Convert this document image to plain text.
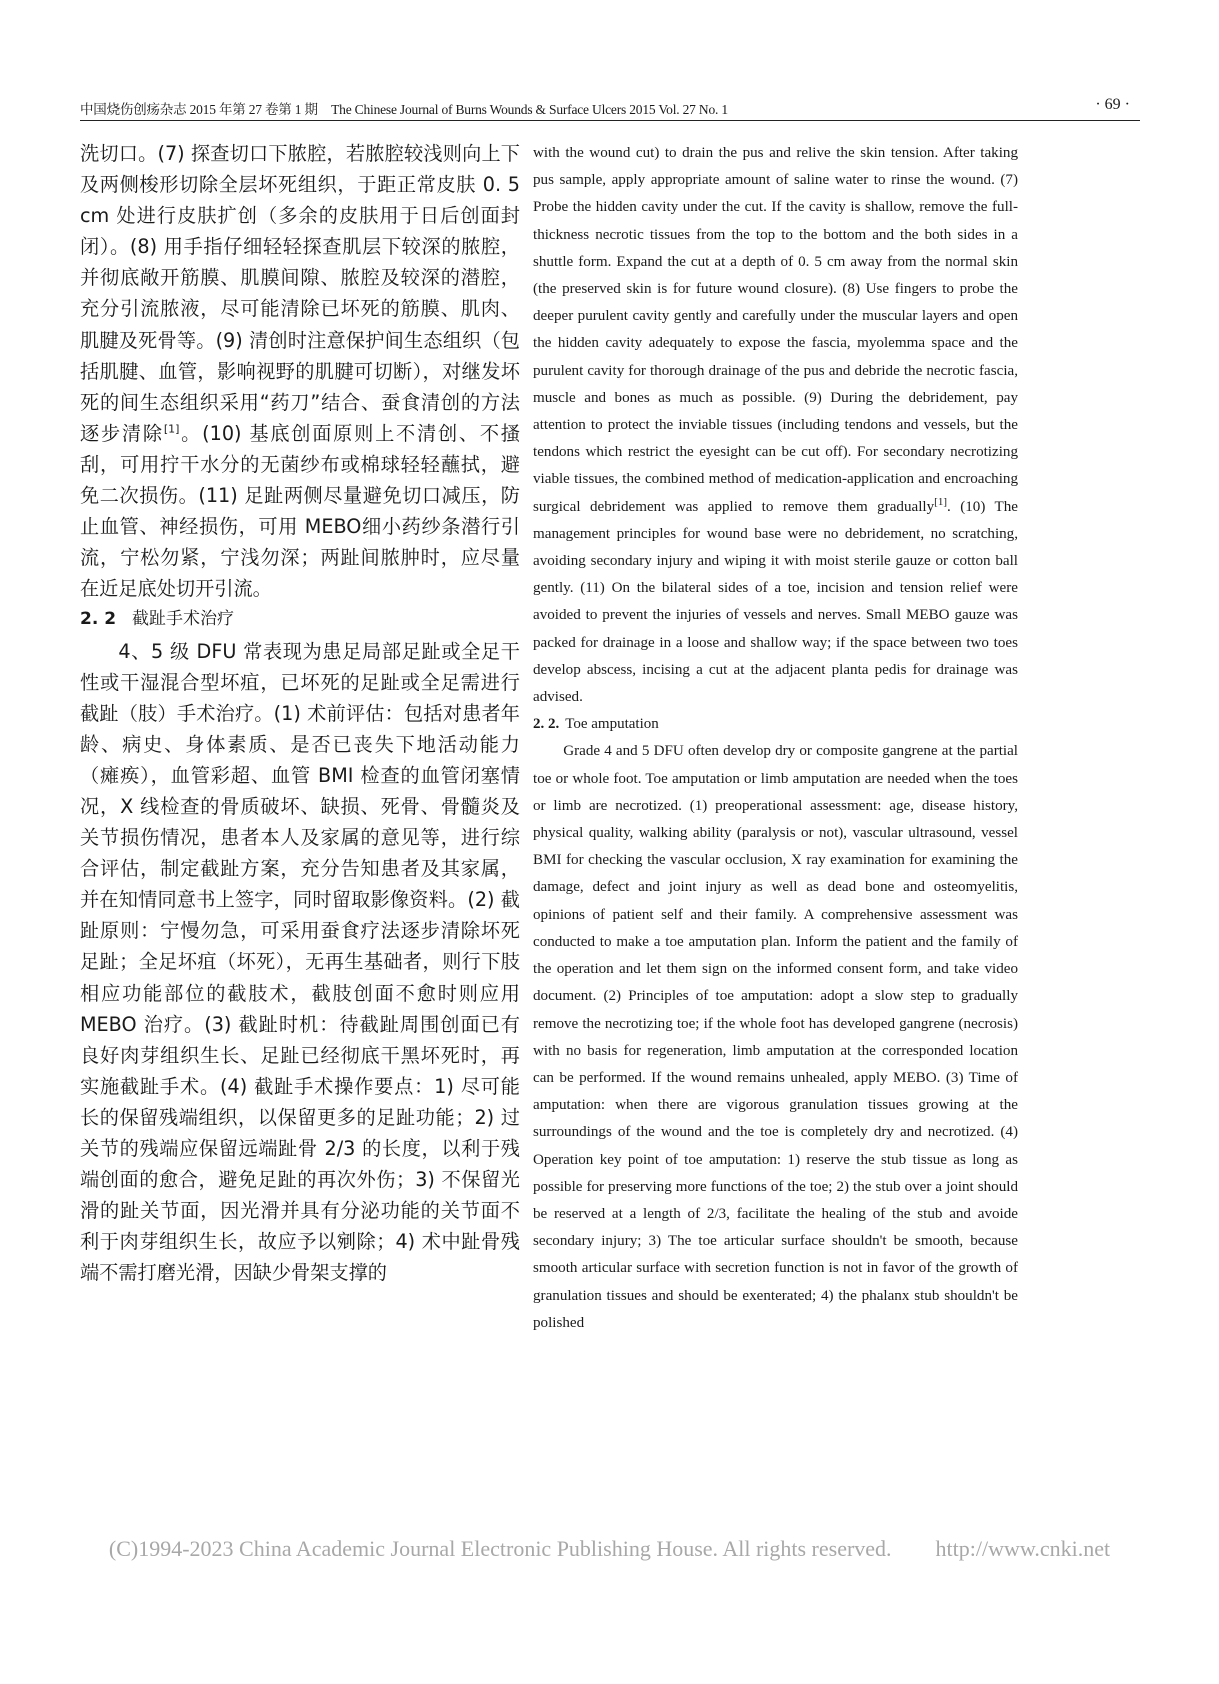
中国烧伤创疡杂志 2015 年第 27 卷第 1 期　The Chinese Journal of Burns Wounds & Surface Ulcers 2015 Vol. 27 No. 1	· 69 ·

洗切口。(7) 探查切口下脓腔，若脓腔较浅则向上下及两侧梭形切除全层坏死组织，于距正常皮肤 0. 5 cm 处进行皮肤扩创（多余的皮肤用于日后创面封闭）。(8) 用手指仔细轻轻探查肌层下较深的脓腔，并彻底敞开筋膜、肌膜间隙、脓腔及较深的潜腔，充分引流脓液，尽可能清除已坏死的筋膜、肌肉、肌腱及死骨等。(9) 清创时注意保护间生态组织（包括肌腱、血管，影响视野的肌腱可切断），对继发坏死的间生态组织采用“药刀”结合、蚕食清创的方法逐步清除[1]。(10) 基底创面原则上不清创、不搔刮，可用拧干水分的无菌纱布或棉球轻轻蘸拭，避免二次损伤。(11) 足趾两侧尽量避免切口减压，防止血管、神经损伤，可用 MEBO细小药纱条潜行引流，宁松勿紧，宁浅勿深；两趾间脓肿时，应尽量在近足底处切开引流。

2. 2 截趾手术治疗

4、5 级 DFU 常表现为患足局部足趾或全足干性或干湿混合型坏疽，已坏死的足趾或全足需进行截趾（肢）手术治疗。(1) 术前评估：包括对患者年龄、病史、身体素质、是否已丧失下地活动能力（瘫痪），血管彩超、血管 BMI 检查的血管闭塞情况，X 线检查的骨质破坏、缺损、死骨、骨髓炎及关节损伤情况，患者本人及家属的意见等，进行综合评估，制定截趾方案，充分告知患者及其家属，并在知情同意书上签字，同时留取影像资料。(2) 截趾原则：宁慢勿急，可采用蚕食疗法逐步清除坏死足趾；全足坏疽（坏死），无再生基础者，则行下肢相应功能部位的截肢术，截肢创面不愈时则应用 MEBO 治疗。(3) 截趾时机：待截趾周围创面已有良好肉芽组织生长、足趾已经彻底干黑坏死时，再实施截趾手术。(4) 截趾手术操作要点：1) 尽可能长的保留残端组织，以保留更多的足趾功能；2) 过关节的残端应保留远端趾骨 2/3 的长度，以利于残端创面的愈合，避免足趾的再次外伤；3) 不保留光滑的趾关节面，因光滑并具有分泌功能的关节面不利于肉芽组织生长，故应予以剜除；4) 术中趾骨残端不需打磨光滑，因缺少骨架支撑的

with the wound cut) to drain the pus and relive the skin tension. After taking pus sample, apply appropriate amount of saline water to rinse the wound. (7) Probe the hidden cavity under the cut. If the cavity is shallow, remove the full-thickness necrotic tissues from the top to the bottom and the both sides in a shuttle form. Expand the cut at a depth of 0. 5 cm away from the normal skin (the preserved skin is for future wound closure). (8) Use fingers to probe the deeper purulent cavity gently and carefully under the muscular layers and open the hidden cavity adequately to expose the fascia, myolemma space and the purulent cavity for thorough drainage of the pus and debride the necrotic fascia, muscle and bones as much as possible. (9) During the debridement, pay attention to protect the inviable tissues (including tendons and vessels, but the tendons which restrict the eyesight can be cut off). For secondary necrotizing viable tissues, the combined method of medication-application and encroaching surgical debridement was applied to remove them gradually[1]. (10) The management principles for wound base were no debridement, no scratching, avoiding secondary injury and wiping it with moist sterile gauze or cotton ball gently. (11) On the bilateral sides of a toe, incision and tension relief were avoided to prevent the injuries of vessels and nerves. Small MEBO gauze was packed for drainage in a loose and shallow way; if the space between two toes develop abscess, incising a cut at the adjacent planta pedis for drainage was advised.

2. 2. Toe amputation

Grade 4 and 5 DFU often develop dry or composite gangrene at the partial toe or whole foot. Toe amputation or limb amputation are needed when the toes or limb are necrotized. (1) preoperational assessment: age, disease history, physical quality, walking ability (paralysis or not), vascular ultrasound, vessel BMI for checking the vascular occlusion, X ray examination for examining the damage, defect and joint injury as well as dead bone and osteomyelitis, opinions of patient self and their family. A comprehensive assessment was conducted to make a toe amputation plan. Inform the patient and the family of the operation and let them sign on the informed consent form, and take video document. (2) Principles of toe amputation: adopt a slow step to gradually remove the necrotizing toe; if the whole foot has developed gangrene (necrosis) with no basis for regeneration, limb amputation at the corresponded location can be performed. If the wound remains unhealed, apply MEBO. (3) Time of amputation: when there are vigorous granulation tissues growing at the surroundings of the wound and the toe is completely dry and necrotized. (4) Operation key point of toe amputation: 1) reserve the stub tissue as long as possible for preserving more functions of the toe; 2) the stub over a joint should be reserved at a length of 2/3, facilitate the healing of the stub and avoide secondary injury; 3) The toe articular surface shouldn't be smooth, because smooth articular surface with secretion function is not in favor of the growth of granulation tissues and should be exenterated; 4) the phalanx stub shouldn't be polished

(C)1994-2023 China Academic Journal Electronic Publishing House. All rights reserved.　　http://www.cnki.net
